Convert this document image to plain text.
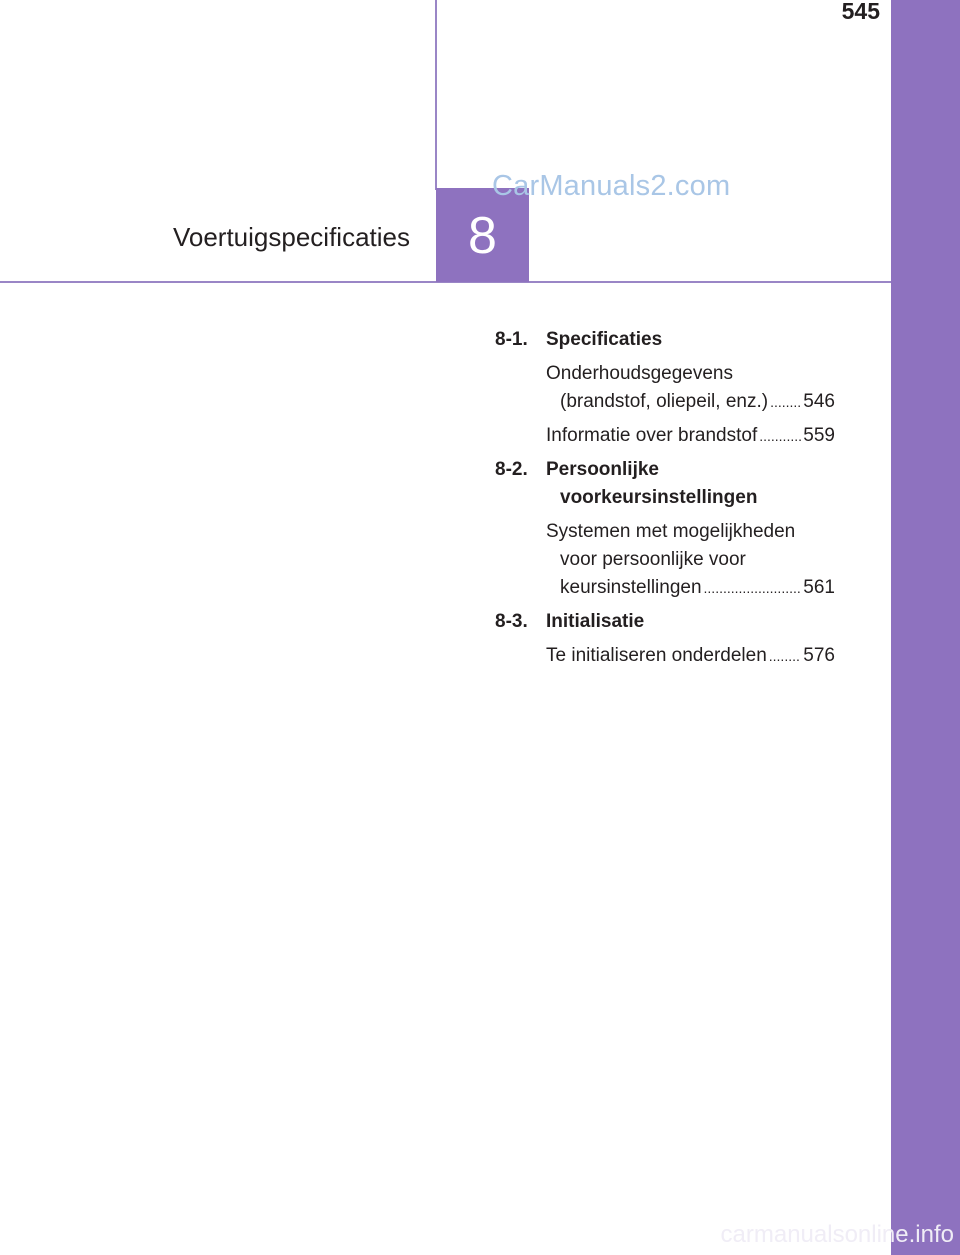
545
Voertuigspecificaties	8
CarManuals2.com
carmanualsonline.info
8-1. Specificaties
Onderhoudsgegevens
(brandstof, oliepeil, enz.) ..... 546
Informatie over brandstof ..... 559
8-2. Persoonlijke
voorkeursinstellingen
Systemen met mogelijkheden
voor persoonlijke voor
keursinstellingen .....	561
8-3. Initialisatie
Te initialiseren onderdelen ..... 576
